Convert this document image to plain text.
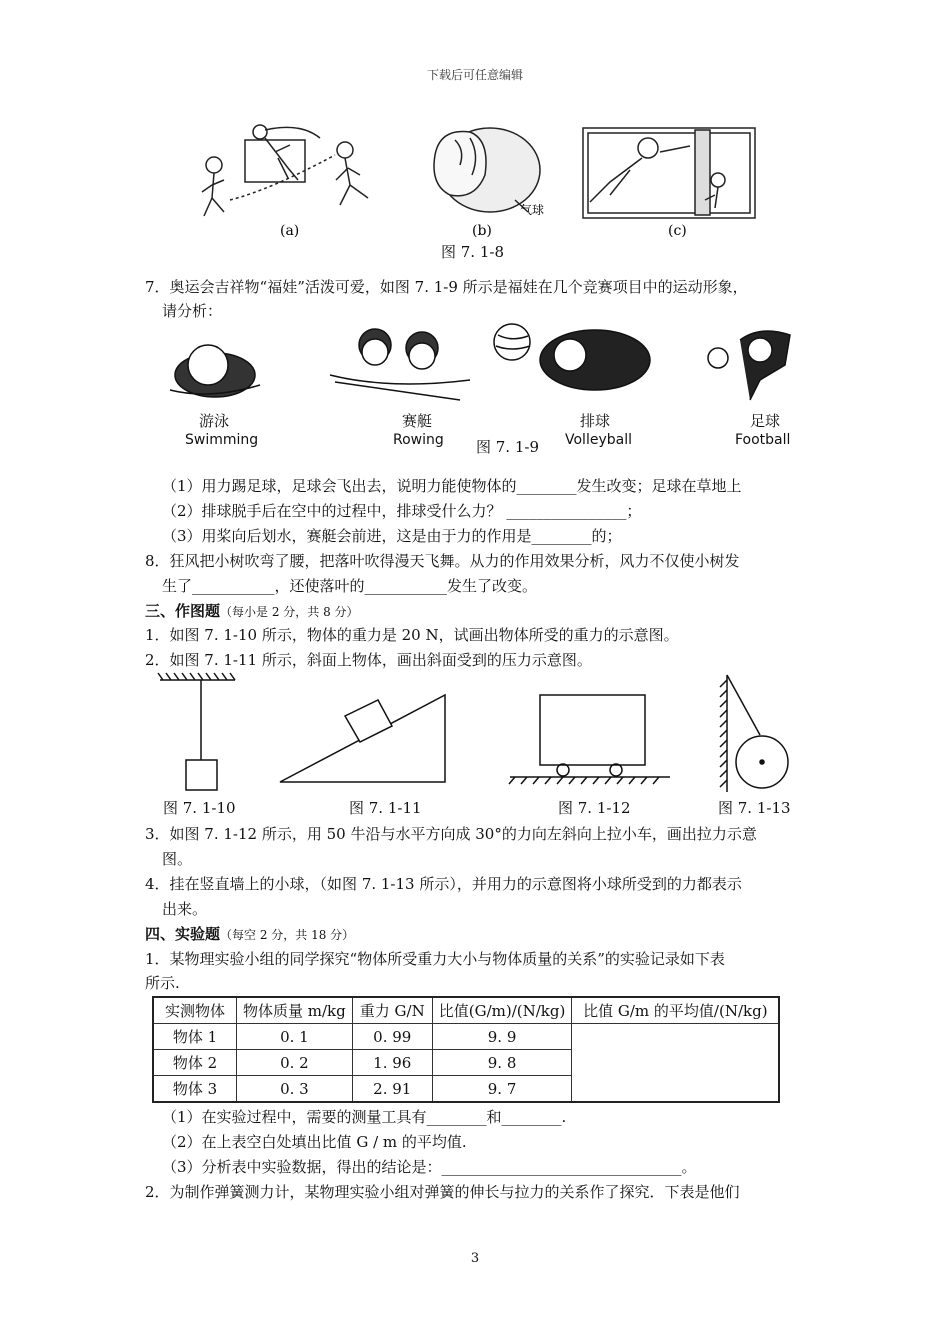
下载后可任意编辑
气球
(a)	(b)	(c)
图 7. 1-8
7．奥运会吉祥物“福娃”活泼可爱，如图 7. 1-9 所示是福娃在几个竞赛项目中的运动形象，
请分析：
游泳
Swimming
赛艇
Rowing 图 7. 1-9
排球
Volleyball
足球
Football
（1）用力踢足球，足球会飞出去，说明力能使物体的________发生改变；足球在草地上
（2）排球脱手后在空中的过程中，排球受什么力？ ________________；
（3）用桨向后划水，赛艇会前进，这是由于力的作用是________的；
8．狂风把小树吹弯了腰，把落叶吹得漫天飞舞。从力的作用效果分析，风力不仅使小树发
生了___________，还使落叶的___________发生了改变。
三、作图题（每小是 2 分，共 8 分）
1．如图 7. 1-10 所示，物体的重力是 20 N，试画出物体所受的重力的示意图。
2．如图 7. 1-11 所示，斜面上物体，画出斜面受到的压力示意图。
图 7. 1-10	图 7. 1-11	图 7. 1-12	图 7. 1-13
3．如图 7. 1-12 所示，用 50 牛沿与水平方向成 30°的力向左斜向上拉小车，画出拉力示意
图。
4．挂在竖直墙上的小球，（如图 7. 1-13 所示），并用力的示意图将小球所受到的力都表示
出来。
四、实验题（每空 2 分，共 18 分）
1．某物理实验小组的同学探究“物体所受重力大小与物体质量的关系”的实验记录如下表
所示.
实测物体	物体质量 m/kg	重力 G/N	比值(G/m)/(N/kg)	比值 G/m 的平均值/(N/kg)
物体 1	0. 1	0. 99	9. 9	
物体 2	0. 2	1. 96	9. 8	
物体 3	0. 3	2. 91	9. 7	
（1）在实验过程中，需要的测量工具有________和________.
（2）在上表空白处填出比值 G / m 的平均值.
（3）分析表中实验数据，得出的结论是：________________________________。
2．为制作弹簧测力计，某物理实验小组对弹簧的伸长与拉力的关系作了探究．下表是他们
3
